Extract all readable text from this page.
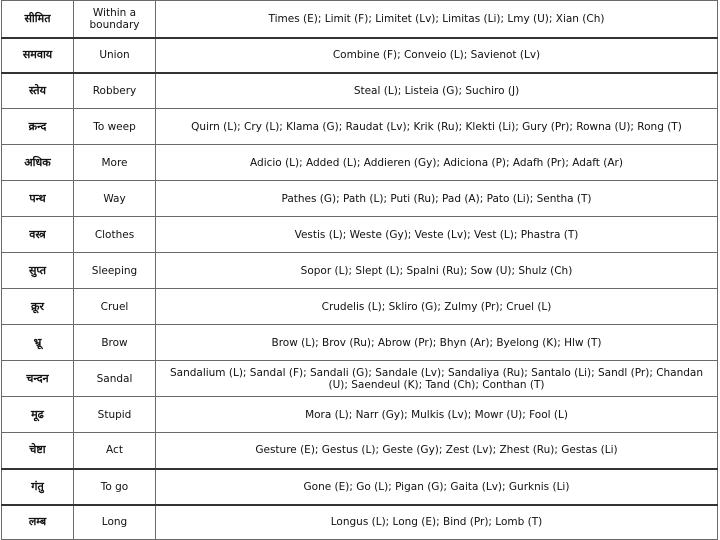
सीमित	Within a boundary	Times (E); Limit (F); Limitet (Lv); Limitas (Li); Lmy (U); Xian (Ch)
समवाय	Union	Combine (F); Conveio (L); Savienot (Lv)
स्तेय	Robbery	Steal (L); Listeia (G); Suchiro (J)
क्रन्द	To weep	Quirn (L); Cry (L); Klama (G); Raudat (Lv); Krik (Ru); Klekti (Li); Gury (Pr); Rowna (U); Rong (T)
अधिक	More	Adicio (L); Added (L); Addieren (Gy); Adiciona (P); Adafh (Pr); Adaft (Ar)
पन्थ	Way	Pathes (G); Path (L); Puti (Ru); Pad (A); Pato (Li); Sentha (T)
वस्त्र	Clothes	Vestis (L); Weste (Gy); Veste (Lv); Vest (L); Phastra (T)
सुप्त	Sleeping	Sopor (L); Slept (L); Spalni (Ru); Sow (U); Shulz (Ch)
क्रूर	Cruel	Crudelis (L); Skliro (G); Zulmy (Pr); Cruel (L)
भ्रू	Brow	Brow (L); Brov (Ru); Abrow (Pr); Bhyn (Ar); Byelong (K); Hlw (T)
चन्दन	Sandal	Sandalium (L); Sandal (F); Sandali (G); Sandale (Lv); Sandaliya (Ru); Santalo (Li); Sandl (Pr); Chandan (U); Saendeul (K); Tand (Ch); Conthan (T)
मूढ	Stupid	Mora (L); Narr (Gy); Mulkis (Lv); Mowr (U); Fool (L)
चेष्टा	Act	Gesture (E); Gestus (L); Geste (Gy); Zest (Lv); Zhest (Ru); Gestas (Li)
गंतु	To go	Gone (E); Go (L); Pigan (G); Gaita (Lv); Gurknis (Li)
लम्ब	Long	Longus (L); Long (E); Bind (Pr); Lomb (T)
